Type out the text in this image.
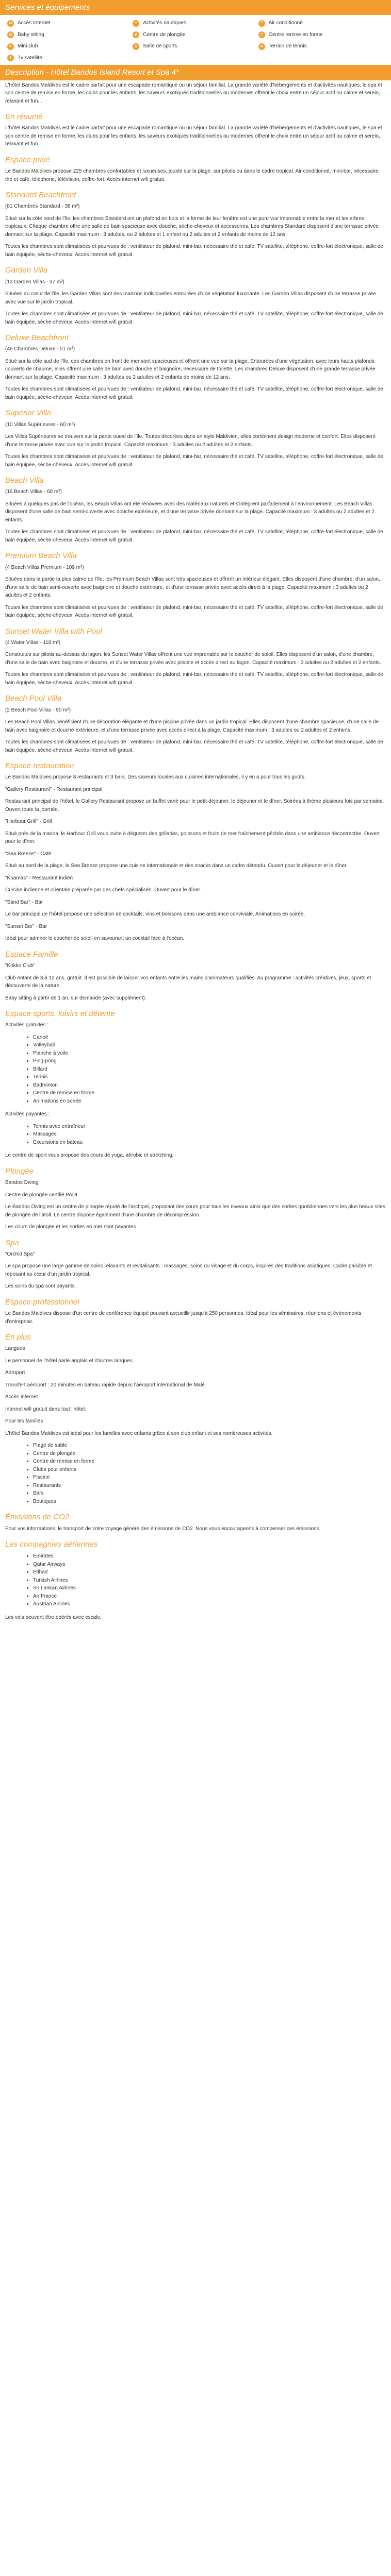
Services et équipements
w	Accès Internet	~	Activités nautiques	*	Air conditionné
b	Baby sitting	d	Centre de plongée	=	Centre remise en forme
k	Mini club	s	Salle de sports	o	Terrain de tennis
t	Tv satellite
Description - Hôtel Bandos Island Resort et Spa 4*

L'hôtel Bandos Maldives est le cadre parfait pour une escapade romantique ou un séjour familial. La grande variété d'hébergements et d'activités nautiques, le spa et son centre de remise en forme, les clubs pour les enfants, les saveurs exotiques traditionnelles ou modernes offrent le choix entre un séjour actif ou calme et serein, relaxant et fun...

En résumé

L'hôtel Bandos Maldives est le cadre parfait pour une escapade romantique ou un séjour familial. La grande variété d'hébergements et d'activités nautiques, le spa et son centre de remise en forme, les clubs pour les enfants, les saveurs exotiques traditionnelles ou modernes offrent le choix entre un séjour actif ou calme et serein, relaxant et fun...

Espace privé

Le Bandos Maldives propose 225 chambres confortables et luxueuses, jouxte sur la plage, sur pilotis ou dans le cadre tropical. Air conditionné, mini-bar, nécessaire thé et café, téléphone, télévision, coffre-fort. Accès internet wifi gratuit.

Standard Beachfront

(81 Chambres Standard - 38 m²)

Situé sur la côte nord de l'île, les chambres Standard ont un plafond en bois et la forme de leur fenêtre est une pure vue imprenable entre la mer et les arbres tropicaux. Chaque chambre offre une salle de bain spacieuse avec douche, sèche-cheveux et accessoires. Les chambres Standard disposent d'une terrasse privée donnant sur la plage. Capacité maximum : 3 adultes, ou 2 adultes et 1 enfant ou 2 adultes et 2 enfants de moins de 12 ans.

Toutes les chambres sont climatisées et pourvues de : ventilateur de plafond, mini-bar, nécessaire thé et café, TV satellite, téléphone, coffre-fort électronique, salle de bain équipée, sèche-cheveux. Accès internet wifi gratuit.

Garden Villa

(12 Garden Villas - 37 m²)

Situées au cœur de l'île, les Garden Villas sont des maisons individuelles entourées d'une végétation luxuriante. Les Garden Villas disposent d'une terrasse privée avec vue sur le jardin tropical.

Toutes les chambres sont climatisées et pourvues de : ventilateur de plafond, mini-bar, nécessaire thé et café, TV satellite, téléphone, coffre-fort électronique, salle de bain équipée, sèche-cheveux. Accès internet wifi gratuit.

Deluxe Beachfront

(46 Chambres Deluxe - 51 m²)

Situé sur la côte sud de l'île, ces chambres en front de mer sont spacieuses et offrent une vue sur la plage. Entourées d'une végétation, avec leurs hauts plafonds couverts de chaume, elles offrent une salle de bain avec douche et baignoire, nécessaire de toilette. Les chambres Deluxe disposent d'une grande terrasse privée donnant sur la plage. Capacité maximum : 3 adultes ou 2 adultes et 2 enfants de moins de 12 ans.

Toutes les chambres sont climatisées et pourvues de : ventilateur de plafond, mini-bar, nécessaire thé et café, TV satellite, téléphone, coffre-fort électronique, salle de bain équipée, sèche-cheveux. Accès internet wifi gratuit.

Superior Villa

(10 Villas Supérieures - 60 m²)

Les Villas Supérieures se trouvent sur la partie ouest de l'île. Toutes décorées dans un style Maldivien, elles combinent design moderne et confort. Elles disposent d'une terrasse privée avec vue sur le jardin tropical. Capacité maximum : 3 adultes ou 2 adultes et 2 enfants.

Toutes les chambres sont climatisées et pourvues de : ventilateur de plafond, mini-bar, nécessaire thé et café, TV satellite, téléphone, coffre-fort électronique, salle de bain équipée, sèche-cheveux. Accès internet wifi gratuit.

Beach Villa

(16 Beach Villas - 60 m²)

Situées à quelques pas de l'océan, les Beach Villas ont été rénovées avec des matériaux naturels et s'intègrent parfaitement à l'environnement. Les Beach Villas disposent d'une salle de bain semi-ouverte avec douche extérieure, et d'une terrasse privée donnant sur la plage. Capacité maximum : 3 adultes ou 2 adultes et 2 enfants.

Toutes les chambres sont climatisées et pourvues de : ventilateur de plafond, mini-bar, nécessaire thé et café, TV satellite, téléphone, coffre-fort électronique, salle de bain équipée, sèche-cheveux. Accès internet wifi gratuit.

Premium Beach Villa

(4 Beach Villas Premium - 109 m²)

Situées dans la partie la plus calme de l'île, les Premium Beach Villas sont très spacieuses et offrent un intérieur élégant. Elles disposent d'une chambre, d'un salon, d'une salle de bain semi-ouverte avec baignoire et douche extérieure, et d'une terrasse privée avec accès direct à la plage. Capacité maximum : 3 adultes ou 2 adultes et 2 enfants.

Toutes les chambres sont climatisées et pourvues de : ventilateur de plafond, mini-bar, nécessaire thé et café, TV satellite, téléphone, coffre-fort électronique, salle de bain équipée, sèche-cheveux. Accès internet wifi gratuit.

Sunset Water Villa with Pool

(4 Water Villas - 116 m²)

Construites sur pilotis au-dessus du lagon, les Sunset Water Villas offrent une vue imprenable sur le coucher de soleil. Elles disposent d'un salon, d'une chambre, d'une salle de bain avec baignoire et douche, et d'une terrasse privée avec piscine et accès direct au lagon. Capacité maximum : 3 adultes ou 2 adultes et 2 enfants.

Toutes les chambres sont climatisées et pourvues de : ventilateur de plafond, mini-bar, nécessaire thé et café, TV satellite, téléphone, coffre-fort électronique, salle de bain équipée, sèche-cheveux. Accès internet wifi gratuit.

Beach Pool Villa

(2 Beach Pool Villas - 90 m²)

Les Beach Pool Villas bénéficient d'une décoration élégante et d'une piscine privée dans un jardin tropical. Elles disposent d'une chambre spacieuse, d'une salle de bain avec baignoire et douche extérieure, et d'une terrasse privée avec accès direct à la plage. Capacité maximum : 3 adultes ou 2 adultes et 2 enfants.

Toutes les chambres sont climatisées et pourvues de : ventilateur de plafond, mini-bar, nécessaire thé et café, TV satellite, téléphone, coffre-fort électronique, salle de bain équipée, sèche-cheveux. Accès internet wifi gratuit.

Espace restauration

Le Bandos Maldives propose 8 restaurants et 3 bars. Des saveurs locales aux cuisines internationales, il y en a pour tous les goûts.

"Gallery Restaurant" - Restaurant principal

Restaurant principal de l'hôtel, le Gallery Restaurant propose un buffet varié pour le petit-déjeuner, le déjeuner et le dîner. Soirées à thème plusieurs fois par semaine. Ouvert toute la journée.

"Harbour Grill" - Grill

Situé près de la marina, le Harbour Grill vous invite à déguster des grillades, poissons et fruits de mer fraîchement pêchés dans une ambiance décontractée. Ouvert pour le dîner.

"Sea Breeze" - Café

Situé au bord de la plage, le Sea Breeze propose une cuisine internationale et des snacks dans un cadre détendu. Ouvert pour le déjeuner et le dîner.

"Koamas" - Restaurant indien

Cuisine indienne et orientale préparée par des chefs spécialisés. Ouvert pour le dîner.

"Sand Bar" - Bar

Le bar principal de l'hôtel propose une sélection de cocktails, vins et boissons dans une ambiance conviviale. Animations en soirée.

"Sunset Bar" - Bar

Idéal pour admirer le coucher de soleil en savourant un cocktail face à l'océan.

Espace Famille

"Kokko Club"

Club enfant de 3 à 12 ans, gratuit. Il est possible de laisser vos enfants entre les mains d'animateurs qualifiés. Au programme : activités créatives, jeux, sports et découverte de la nature.

Baby sitting à partir de 1 an, sur demande (avec supplément).

Espace sports, loisirs et détente

Activités gratuites :

• Canoë
• Volleyball
• Planche à voile
• Ping-pong
• Billard
• Tennis
• Badminton
• Centre de remise en forme
• Animations en soirée

Activités payantes :

• Tennis avec entraîneur
• Massages
• Excursions en bateau

Le centre de sport vous propose des cours de yoga, aérobic et stretching.

Plongée

Bandos Diving

Centre de plongée certifié PADI.

Le Bandos Diving est un centre de plongée réputé de l'archipel, proposant des cours pour tous les niveaux ainsi que des sorties quotidiennes vers les plus beaux sites de plongée de l'atoll. Le centre dispose également d'une chambre de décompression.

Les cours de plongée et les sorties en mer sont payantes.

Spa

"Orchid Spa"

Le spa propose une large gamme de soins relaxants et revitalisants : massages, soins du visage et du corps, inspirés des traditions asiatiques. Cadre paisible et reposant au cœur d'un jardin tropical.

Les soins du spa sont payants.

Espace professionnel

Le Bandos Maldives dispose d'un centre de conférence équipé pouvant accueillir jusqu'à 250 personnes. Idéal pour les séminaires, réunions et événements d'entreprise.

En plus

Langues

Le personnel de l'hôtel parle anglais et d'autres langues.

Aéroport

Transfert aéroport : 20 minutes en bateau rapide depuis l'aéroport international de Malé.

Accès internet

Internet wifi gratuit dans tout l'hôtel.

Pour les familles

L'hôtel Bandos Maldives est idéal pour les familles avec enfants grâce à son club enfant et ses nombreuses activités.

• Plage de sable
• Centre de plongée
• Centre de remise en forme
• Clubs pour enfants
• Piscine
• Restaurants
• Bars
• Boutiques
Émissions de CO2

Pour vos informations, le transport de votre voyage génère des émissions de CO2. Nous vous encourageons à compenser ces émissions.

Les compagnies aériennes
• Emirates
• Qatar Airways
• Etihad
• Turkish Airlines
• Sri Lankan Airlines
• Air France
• Austrian Airlines

Les vols peuvent être opérés avec escale.
